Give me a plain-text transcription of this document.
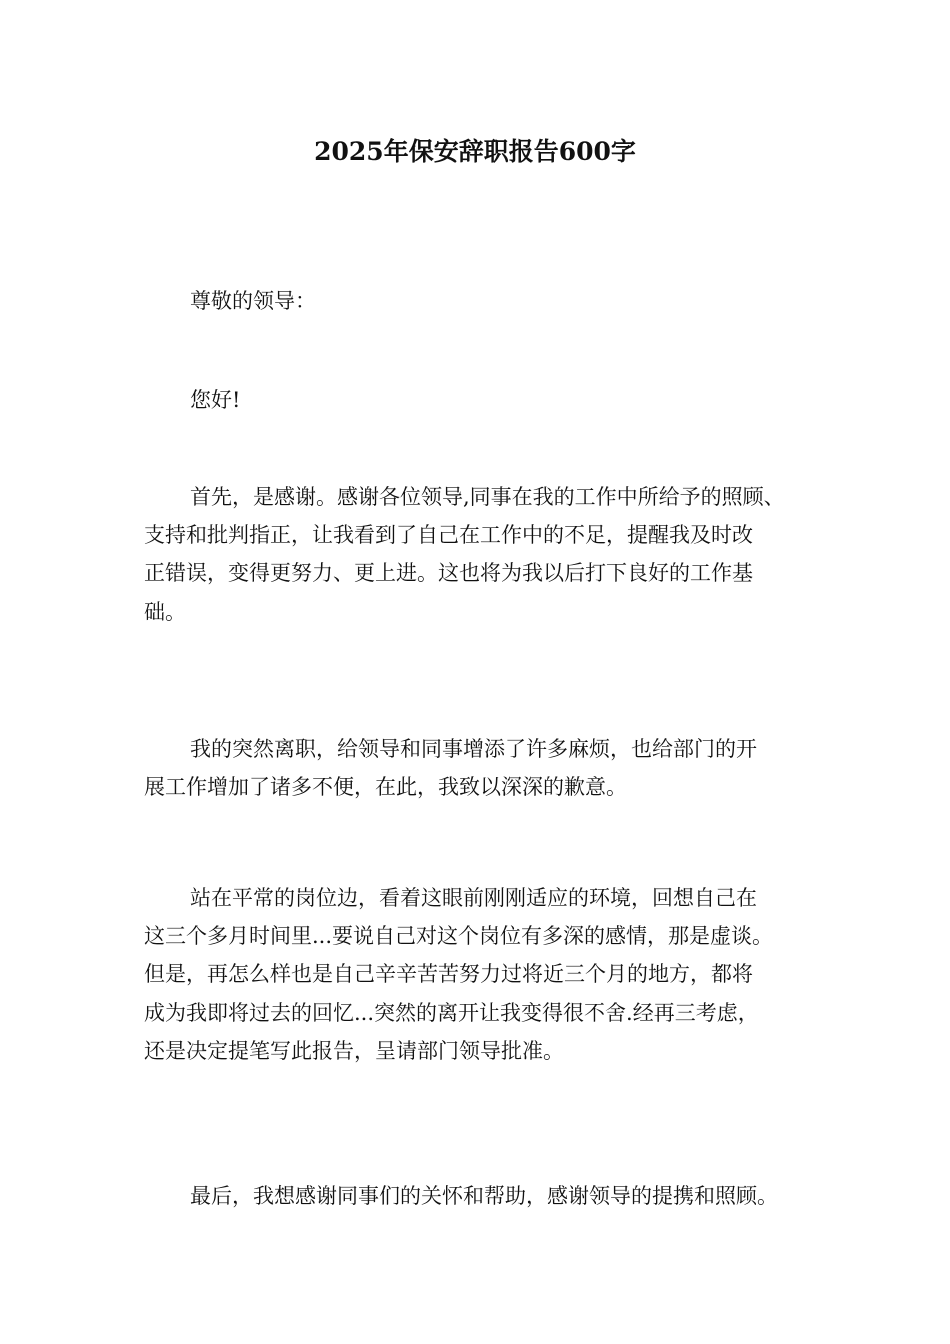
2025年保安辞职报告600字
尊敬的领导：
您好!
首先，是感谢。感谢各位领导,同事在我的工作中所给予的照顾、
支持和批判指正，让我看到了自己在工作中的不足，提醒我及时改
正错误，变得更努力、更上进。这也将为我以后打下良好的工作基
础。
我的突然离职，给领导和同事增添了许多麻烦，也给部门的开
展工作增加了诸多不便，在此，我致以深深的歉意。
站在平常的岗位边，看着这眼前刚刚适应的环境，回想自己在
这三个多月时间里...要说自己对这个岗位有多深的感情，那是虚谈。
但是，再怎么样也是自己辛辛苦苦努力过将近三个月的地方，都将
成为我即将过去的回忆...突然的离开让我变得很不舍.经再三考虑，
还是决定提笔写此报告，呈请部门领导批准。
最后，我想感谢同事们的关怀和帮助，感谢领导的提携和照顾。
